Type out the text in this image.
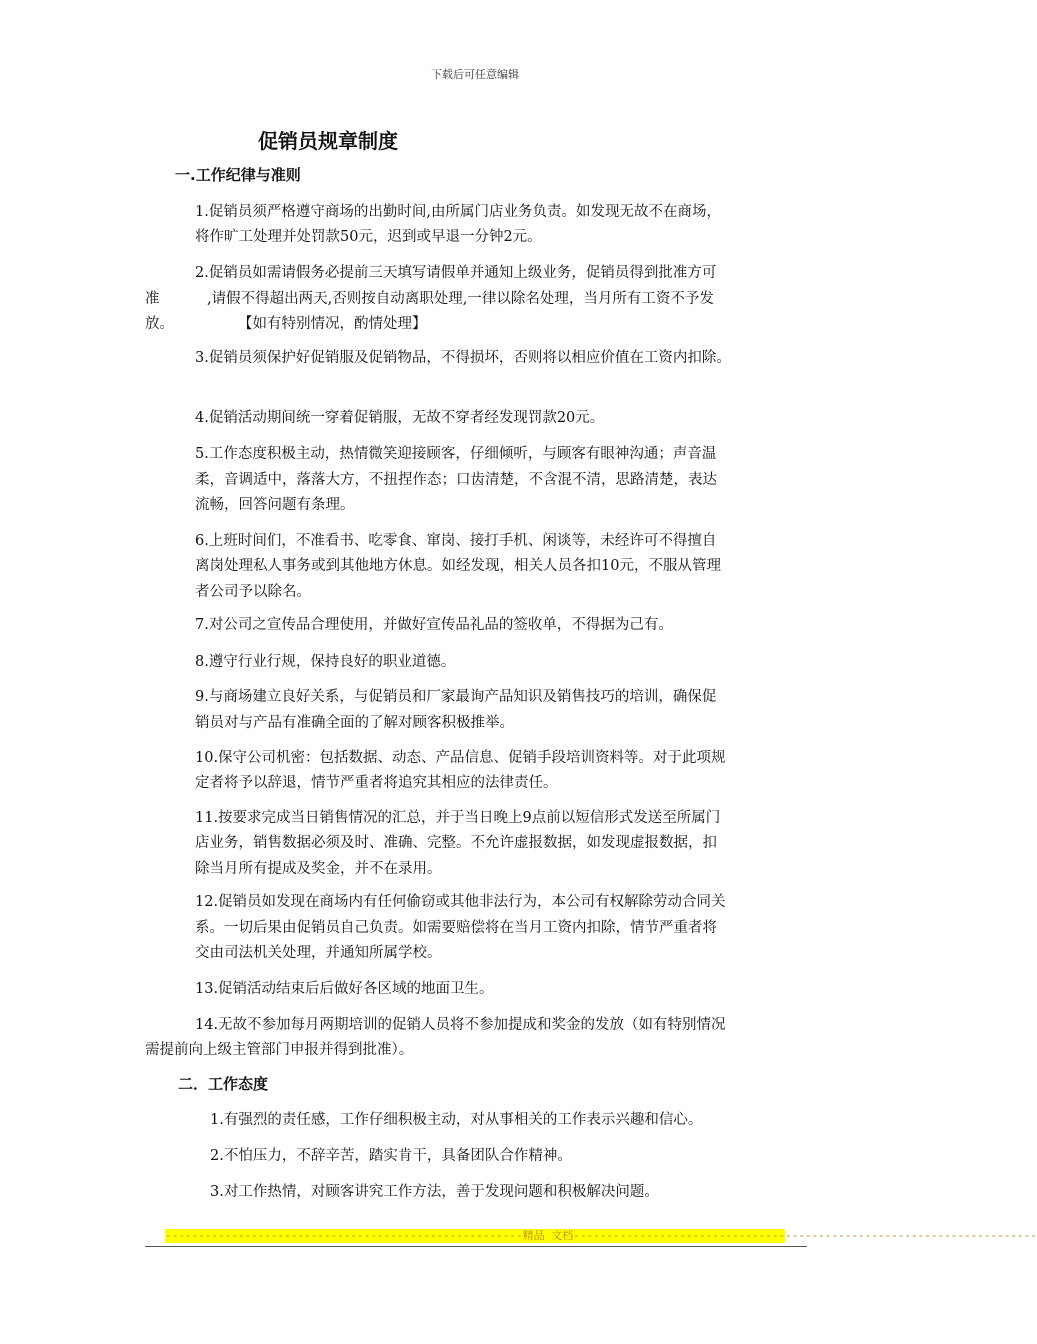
下载后可任意编辑
促销员规章制度
一.工作纪律与准则
1.促销员须严格遵守商场的出勤时间,由所属门店业务负责。如发现无故不在商场，
将作旷工处理并处罚款50元，迟到或早退一分钟2元。
2.促销员如需请假务必提前三天填写请假单并通知上级业务，促销员得到批准方可
准	,请假不得超出两天,否则按自动离职处理,一律以除名处理，当月所有工资不予发
放。	【如有特别情况，酌情处理】
3.促销员须保护好促销服及促销物品，不得损坏，否则将以相应价值在工资内扣除。
4.促销活动期间统一穿着促销服，无故不穿者经发现罚款20元。
5.工作态度积极主动，热情微笑迎接顾客，仔细倾听，与顾客有眼神沟通；声音温
柔，音调适中，落落大方，不扭捏作态；口齿清楚，不含混不清，思路清楚，表达
流畅，回答问题有条理。
6.上班时间们，不准看书、吃零食、窜岗、接打手机、闲谈等，未经许可不得擅自
离岗处理私人事务或到其他地方休息。如经发现，相关人员各扣10元，不服从管理
者公司予以除名。
7.对公司之宣传品合理使用，并做好宣传品礼品的签收单，不得据为己有。
8.遵守行业行规，保持良好的职业道德。
9.与商场建立良好关系，与促销员和厂家最询产品知识及销售技巧的培训，确保促
销员对与产品有准确全面的了解对顾客积极推举。
10.保守公司机密：包括数据、动态、产品信息、促销手段培训资料等。对于此项规
定者将予以辞退，情节严重者将追究其相应的法律责任。
11.按要求完成当日销售情况的汇总，并于当日晚上9点前以短信形式发送至所属门
店业务，销售数据必须及时、准确、完整。不允许虚报数据，如发现虚报数据，扣
除当月所有提成及奖金，并不在录用。
12.促销员如发现在商场内有任何偷窃或其他非法行为，本公司有权解除劳动合同关
系。一切后果由促销员自己负责。如需要赔偿将在当月工资内扣除，情节严重者将
交由司法机关处理，并通知所属学校。
13.促销活动结束后后做好各区域的地面卫生。
14.无故不参加每月两期培训的促销人员将不参加提成和奖金的发放（如有特别情况
需提前向上级主管部门申报并得到批准）。
二．工作态度
1.有强烈的责任感，工作仔细积极主动，对从事相关的工作表示兴趣和信心。
2.不怕压力，不辞辛苦，踏实肯干，具备团队合作精神。
3.对工作热情，对顾客讲究工作方法，善于发现问题和积极解决问题。
------------------------------------------------------精品 文档----------------------------------------------------------------------
